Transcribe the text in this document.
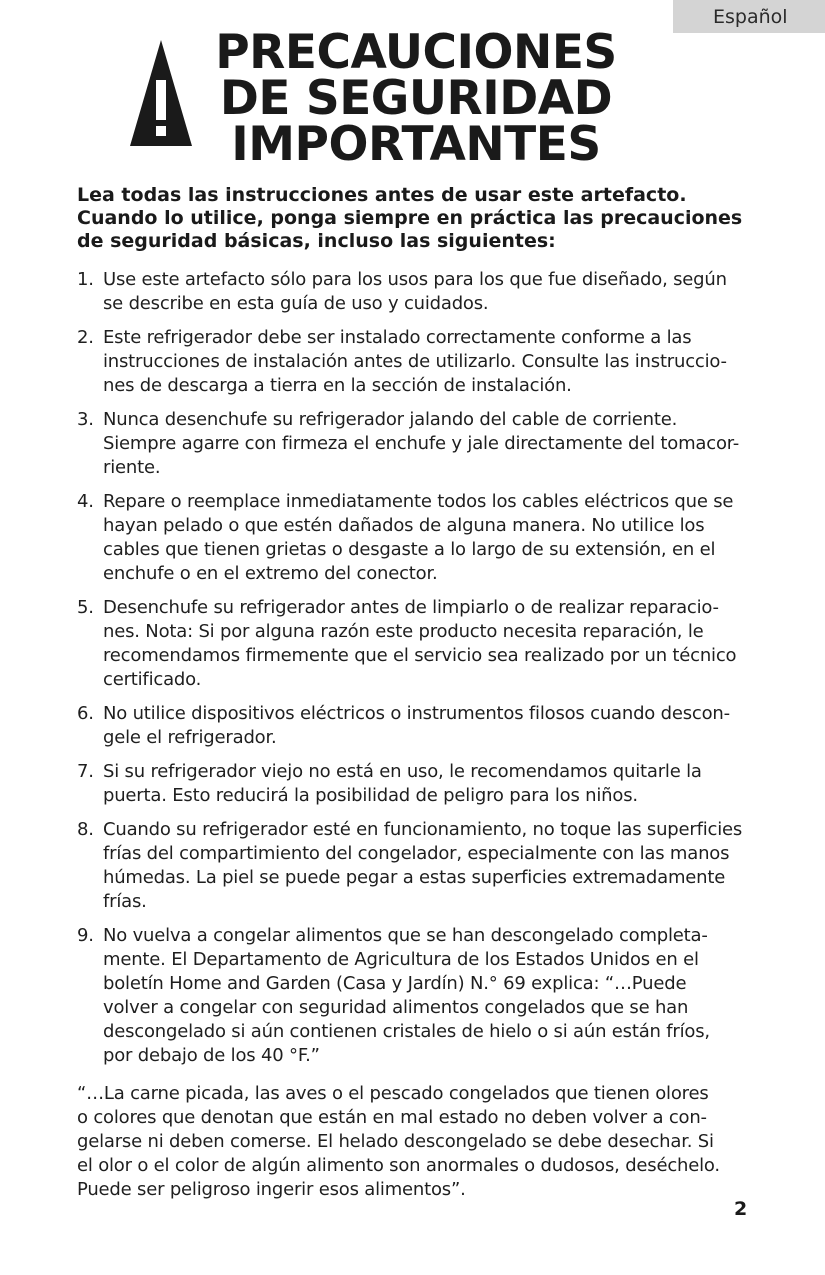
Español
PRECAUCIONES
DE SEGURIDAD
IMPORTANTES
Lea todas las instrucciones antes de usar este artefacto.
Cuando lo utilice, ponga siempre en práctica las precauciones
de seguridad básicas, incluso las siguientes:
1. Use este artefacto sólo para los usos para los que fue diseñado, según
se describe en esta guía de uso y cuidados.
2. Este refrigerador debe ser instalado correctamente conforme a las
instrucciones de instalación antes de utilizarlo. Consulte las instruccio-
nes de descarga a tierra en la sección de instalación.
3. Nunca desenchufe su refrigerador jalando del cable de corriente.
Siempre agarre con firmeza el enchufe y jale directamente del tomacor-
riente.
4. Repare o reemplace inmediatamente todos los cables eléctricos que se
hayan pelado o que estén dañados de alguna manera. No utilice los
cables que tienen grietas o desgaste a lo largo de su extensión, en el
enchufe o en el extremo del conector.
5. Desenchufe su refrigerador antes de limpiarlo o de realizar reparacio-
nes. Nota: Si por alguna razón este producto necesita reparación, le
recomendamos firmemente que el servicio sea realizado por un técnico
certificado.
6. No utilice dispositivos eléctricos o instrumentos filosos cuando descon-
gele el refrigerador.
7. Si su refrigerador viejo no está en uso, le recomendamos quitarle la
puerta. Esto reducirá la posibilidad de peligro para los niños.
8. Cuando su refrigerador esté en funcionamiento, no toque las superficies
frías del compartimiento del congelador, especialmente con las manos
húmedas. La piel se puede pegar a estas superficies extremadamente
frías.
9. No vuelva a congelar alimentos que se han descongelado completa-
mente. El Departamento de Agricultura de los Estados Unidos en el
boletín Home and Garden (Casa y Jardín) N.° 69 explica: “…Puede
volver a congelar con seguridad alimentos congelados que se han
descongelado si aún contienen cristales de hielo o si aún están fríos,
por debajo de los 40 °F.”
“…La carne picada, las aves o el pescado congelados que tienen olores
o colores que denotan que están en mal estado no deben volver a con-
gelarse ni deben comerse. El helado descongelado se debe desechar. Si
el olor o el color de algún alimento son anormales o dudosos, deséchelo.
Puede ser peligroso ingerir esos alimentos”.
2
